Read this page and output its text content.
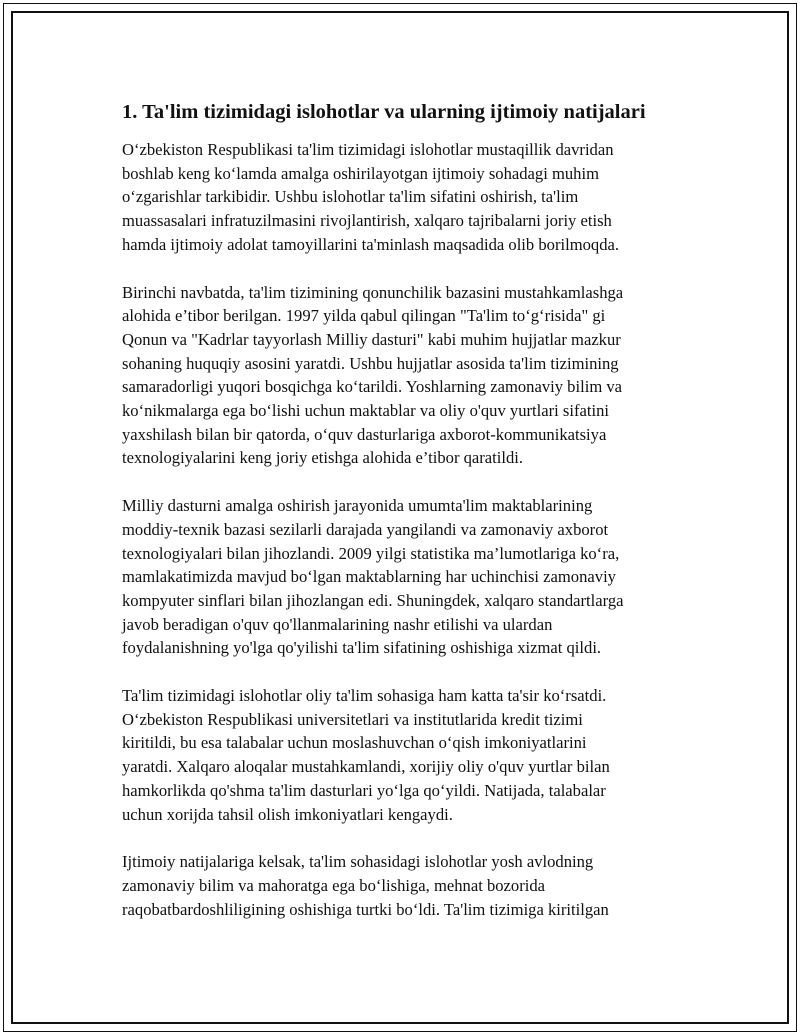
1. Ta'lim tizimidagi islohotlar va ularning ijtimoiy natijalari

O‘zbekiston Respublikasi ta'lim tizimidagi islohotlar mustaqillik davridan
boshlab keng ko‘lamda amalga oshirilayotgan ijtimoiy sohadagi muhim
o‘zgarishlar tarkibidir. Ushbu islohotlar ta'lim sifatini oshirish, ta'lim
muassasalari infratuzilmasini rivojlantirish, xalqaro tajribalarni joriy etish
hamda ijtimoiy adolat tamoyillarini ta'minlash maqsadida olib borilmoqda.

Birinchi navbatda, ta'lim tizimining qonunchilik bazasini mustahkamlashga
alohida e’tibor berilgan. 1997 yilda qabul qilingan "Ta'lim to‘g‘risida" gi
Qonun va "Kadrlar tayyorlash Milliy dasturi" kabi muhim hujjatlar mazkur
sohaning huquqiy asosini yaratdi. Ushbu hujjatlar asosida ta'lim tizimining
samaradorligi yuqori bosqichga ko‘tarildi. Yoshlarning zamonaviy bilim va
ko‘nikmalarga ega bo‘lishi uchun maktablar va oliy o'quv yurtlari sifatini
yaxshilash bilan bir qatorda, o‘quv dasturlariga axborot-kommunikatsiya
texnologiyalarini keng joriy etishga alohida e’tibor qaratildi.

Milliy dasturni amalga oshirish jarayonida umumta'lim maktablarining
moddiy-texnik bazasi sezilarli darajada yangilandi va zamonaviy axborot
texnologiyalari bilan jihozlandi. 2009 yilgi statistika ma’lumotlariga ko‘ra,
mamlakatimizda mavjud bo‘lgan maktablarning har uchinchisi zamonaviy
kompyuter sinflari bilan jihozlangan edi. Shuningdek, xalqaro standartlarga
javob beradigan o'quv qo'llanmalarining nashr etilishi va ulardan
foydalanishning yo'lga qo'yilishi ta'lim sifatining oshishiga xizmat qildi.

Ta'lim tizimidagi islohotlar oliy ta'lim sohasiga ham katta ta'sir ko‘rsatdi.
O‘zbekiston Respublikasi universitetlari va institutlarida kredit tizimi
kiritildi, bu esa talabalar uchun moslashuvchan o‘qish imkoniyatlarini
yaratdi. Xalqaro aloqalar mustahkamlandi, xorijiy oliy o'quv yurtlar bilan
hamkorlikda qo'shma ta'lim dasturlari yo‘lga qo‘yildi. Natijada, talabalar
uchun xorijda tahsil olish imkoniyatlari kengaydi.

Ijtimoiy natijalariga kelsak, ta'lim sohasidagi islohotlar yosh avlodning
zamonaviy bilim va mahoratga ega bo‘lishiga, mehnat bozorida
raqobatbardoshliligining oshishiga turtki bo‘ldi. Ta'lim tizimiga kiritilgan
